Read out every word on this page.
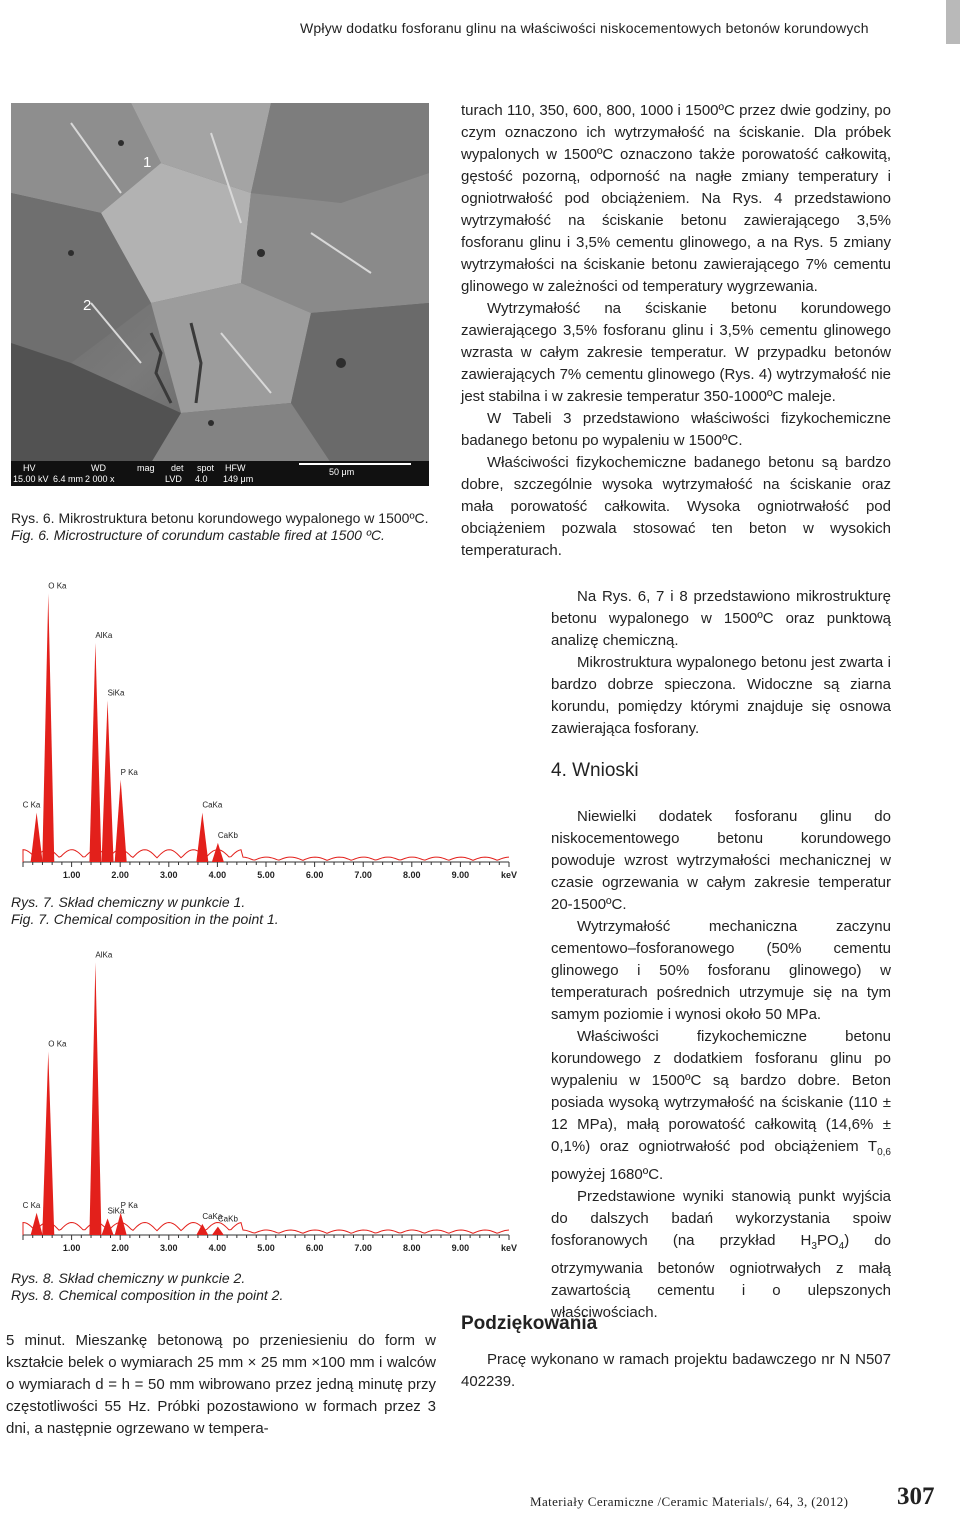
Wpływ dodatku fosforanu glinu na właściwości niskocementowych betonów korundowych
1
2
HV	WD	mag det spot HFW
15.00 kV 6.4 mm 2 000 x	LVD 4.0 149 μm
50 μm

Rys. 6. Mikrostruktura betonu korundowego wypalonego w 1500ºC.

Fig. 6. Microstructure of corundum castable fired at 1500 ºC.

1.00	2.00	3.00	4.00	5.00	6.00	7.00	8.00	9.00	keV
C Ka
O Ka
AlKa
SiKa
P Ka
CaKa
CaKb

Rys. 7. Skład chemiczny w punkcie 1.

Fig. 7. Chemical composition in the point 1.

1.00	2.00	3.00	4.00	5.00	6.00	7.00	8.00	9.00	keV
C Ka
O Ka
AlKa
SiKa
P Ka
CaKa
CaKb

Rys. 8. Skład chemiczny w punkcie 2.

Rys. 8. Chemical composition in the point 2.

5 minut. Mieszankę betonową po przeniesieniu do form w kształcie belek o wymiarach 25 mm × 25 mm ×100 mm i walców o wymiarach d = h = 50 mm wibrowano przez jedną minutę przy częstotliwości 55 Hz. Próbki pozostawiono w formach przez 3 dni, a następnie ogrzewano w tempera-

turach 110, 350, 600, 800, 1000 i 1500ºC przez dwie godziny, po czym oznaczono ich wytrzymałość na ściskanie. Dla próbek wypalonych w 1500ºC oznaczono także porowatość całkowitą, gęstość pozorną, odporność na nagłe zmiany temperatury i ogniotrwałość pod obciążeniem. Na Rys. 4 przedstawiono wytrzymałość na ściskanie betonu zawierającego 3,5% fosforanu glinu i 3,5% cementu glinowego, a na Rys. 5 zmiany wytrzymałości na ściskanie betonu zawierającego 7% cementu glinowego w zależności od temperatury wygrzewania.

Wytrzymałość na ściskanie betonu korundowego zawierającego 3,5% fosforanu glinu i 3,5% cementu glinowego wzrasta w całym zakresie temperatur. W przypadku betonów zawierających 7% cementu glinowego (Rys. 4) wytrzymałość nie jest stabilna i w zakresie temperatur 350-1000ºC maleje.

W Tabeli 3 przedstawiono właściwości fizykochemiczne badanego betonu po wypaleniu w 1500ºC.

Właściwości fizykochemiczne badanego betonu są bardzo dobre, szczególnie wysoka wytrzymałość na ściskanie oraz mała porowatość całkowita. Wysoka ogniotrwałość pod obciążeniem pozwala stosować ten beton w wysokich temperaturach.

Na Rys. 6, 7 i 8 przedstawiono mikrostrukturę betonu wypalonego w 1500ºC oraz punktową analizę chemiczną.

Mikrostruktura wypalonego betonu jest zwarta i bardzo dobrze spieczona. Widoczne są ziarna korundu, pomiędzy którymi znajduje się osnowa zawierająca fosforany.

4. Wnioski

Niewielki dodatek fosforanu glinu do niskocementowego betonu korundowego powoduje wzrost wytrzymałości mechanicznej w czasie ogrzewania w całym zakresie temperatur 20-1500ºC.

Wytrzymałość mechaniczna zaczynu cementowo–fosforanowego (50% cementu glinowego i 50% fosforanu glinowego) w temperaturach pośrednich utrzymuje się na tym samym poziomie i wynosi około 50 MPa.

Właściwości fizykochemiczne betonu korundowego z dodatkiem fosforanu glinu po wypaleniu w 1500ºC są bardzo dobre. Beton posiada wysoką wytrzymałość na ściskanie (110 ± 12 MPa), małą porowatość całkowitą (14,6% ± 0,1%) oraz ogniotrwałość pod obciążeniem $T_{0,6}$ powyżej 1680ºC.

Przedstawione wyniki stanowią punkt wyjścia do dalszych badań wykorzystania spoiw fosforanowych (na przykład $H_3PO_4$) do otrzymywania betonów ogniotrwałych z małą zawartością cementu i o ulepszonych właściwościach.

Podziękowania

Pracę wykonano w ramach projektu badawczego nr N N507 402239.

Materiały Ceramiczne /Ceramic Materials/, 64, 3, (2012) 307
